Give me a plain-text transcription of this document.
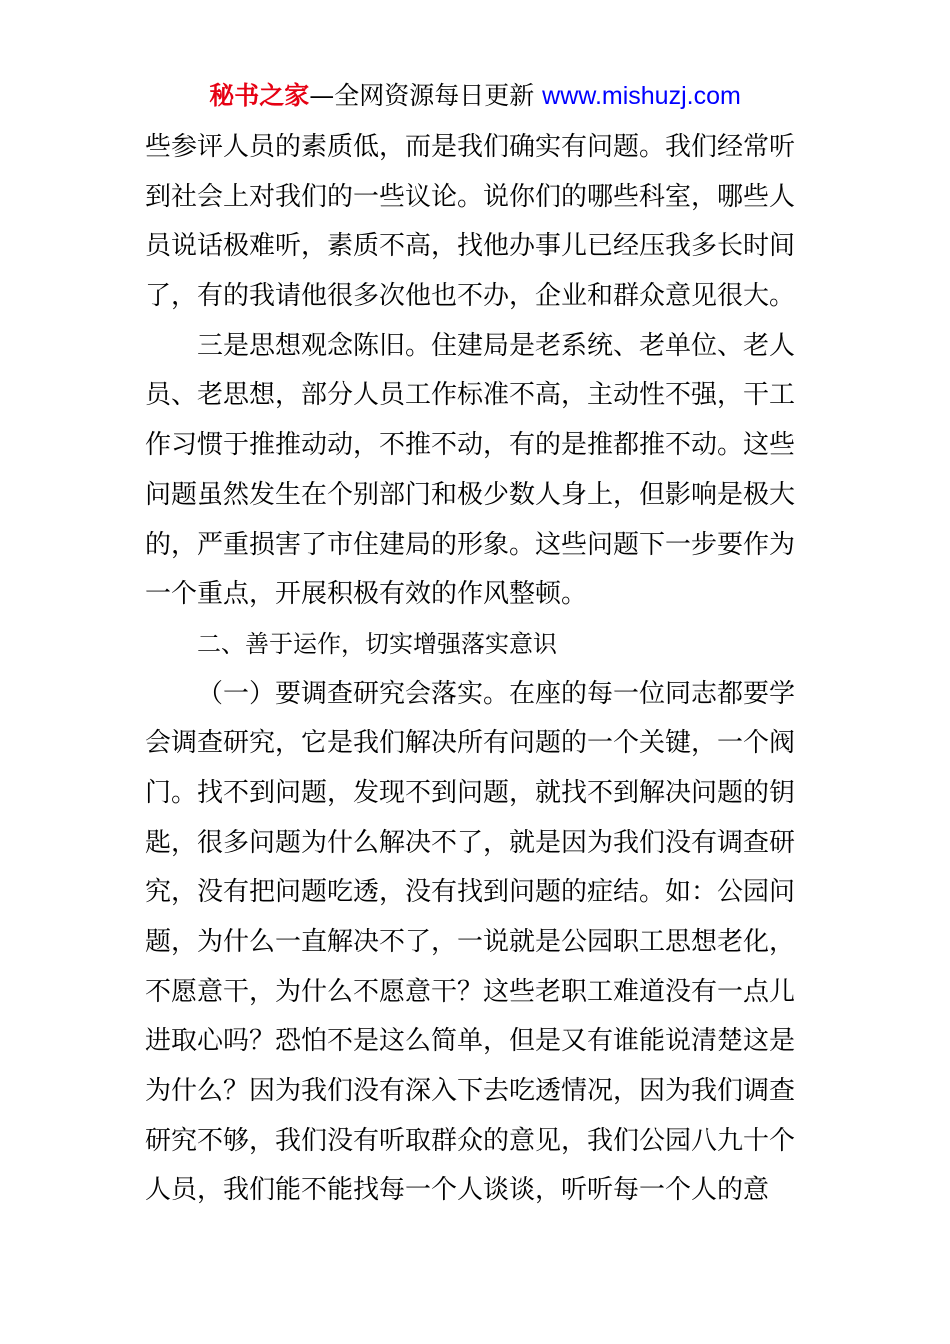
秘书之家—全网资源每日更新 www.mishuzj.com
些参评人员的素质低，而是我们确实有问题。我们经常听
到社会上对我们的一些议论。说你们的哪些科室，哪些人
员说话极难听，素质不高，找他办事儿已经压我多长时间
了，有的我请他很多次他也不办，企业和群众意见很大。
三是思想观念陈旧。住建局是老系统、老单位、老人
员、老思想，部分人员工作标准不高，主动性不强，干工
作习惯于推推动动，不推不动，有的是推都推不动。这些
问题虽然发生在个别部门和极少数人身上，但影响是极大
的，严重损害了市住建局的形象。这些问题下一步要作为
一个重点，开展积极有效的作风整顿。
二、善于运作，切实增强落实意识
（一）要调查研究会落实。在座的每一位同志都要学
会调查研究，它是我们解决所有问题的一个关键，一个阀
门。找不到问题，发现不到问题，就找不到解决问题的钥
匙，很多问题为什么解决不了，就是因为我们没有调查研
究，没有把问题吃透，没有找到问题的症结。如：公园问
题，为什么一直解决不了，一说就是公园职工思想老化，
不愿意干，为什么不愿意干？这些老职工难道没有一点儿
进取心吗？恐怕不是这么简单，但是又有谁能说清楚这是
为什么？因为我们没有深入下去吃透情况，因为我们调查
研究不够，我们没有听取群众的意见，我们公园八九十个
人员，我们能不能找每一个人谈谈，听听每一个人的意
